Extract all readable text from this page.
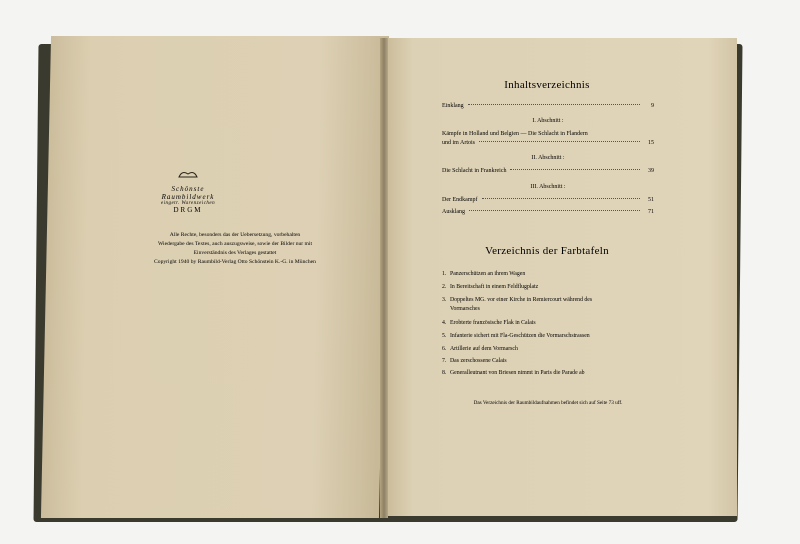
Schönste
Raumbildwerk
eingetr. Warenzeichen
DRGM
Alle Rechte, besonders das der Uebersetzung, vorbehalten
Wiedergabe des Textes, auch auszugsweise, sowie der Bilder nur mit
Einverständnis des Verlages gestattet
Copyright 1940 by Raumbild-Verlag Otto Schönstein K.-G. in München
Inhaltsverzeichnis
Einklang	9
I. Abschnitt :
Kämpfe in Holland und Belgien — Die Schlacht in Flandern
und im Artois	15
II. Abschnitt :
Die Schlacht in Frankreich	39
III. Abschnitt :
Der Endkampf	51
Ausklang	71
Verzeichnis der Farbtafeln
1. Panzerschützen an ihrem Wagen
2. In Bereitschaft in einem Feldflugplatz
3. Doppeltes MG. vor einer Kirche in Remiercourt während des
Vormarsches
4. Erobterte französische Flak in Calais
5. Infanterie sichert mit Fla-Geschützen die Vormarschstrassen
6. Artillerie auf dem Vormarsch
7. Das zerschossene Calais
8. Generalleutnant von Briesen nimmt in Paris die Parade ab
Das Verzeichnis der Raumbildaufnahmen befindet sich auf Seite 73 uff.
